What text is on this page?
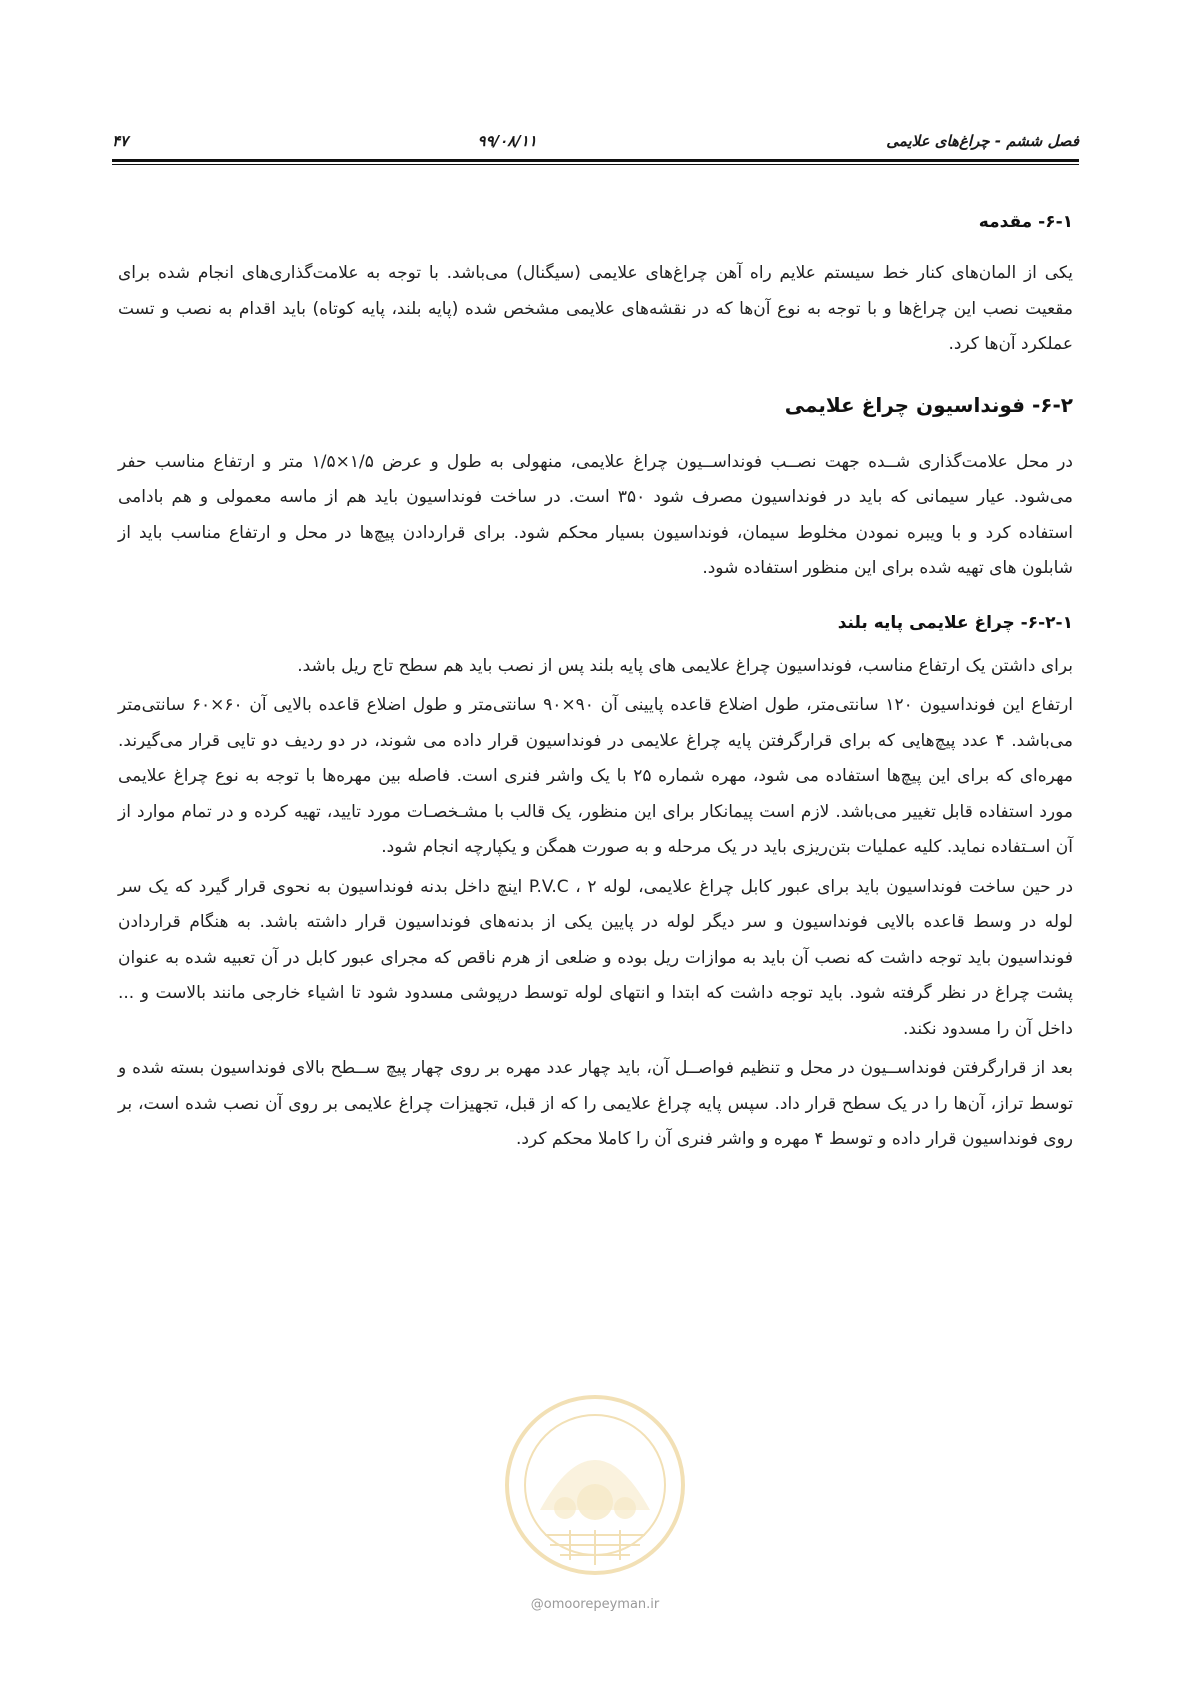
فصل ششم - چراغ‌های علایمی
۹۹/۰۸/۱۱
۴۷
۶-۱- مقدمه

یکی از المان‌های کنار خط سیستم علایم راه آهن چراغ‌های علایمی (سیگنال) می‌باشد. با توجه به علامت‌گذاری‌های انجام شده برای مقعیت نصب این چراغ‌ها و با توجه به نوع آن‌ها که در نقشه‌های علایمی مشخص شده (پایه بلند، پایه کوتاه) باید اقدام به نصب و تست عملکرد آن‌ها کرد.

۶-۲- فونداسیون چراغ علایمی

در محل علامت‌گذاری شــده جهت نصــب فونداســیون چراغ علایمی، منهولی به طول و عرض ۱/۵×۱/۵ متر و ارتفاع مناسب حفر می‌شود. عیار سیمانی که باید در فونداسیون مصرف شود ۳۵۰ است. در ساخت فونداسیون باید هم از ماسه معمولی و هم بادامی استفاده کرد و با ویبره نمودن مخلوط سیمان، فونداسیون بسیار محکم شود. برای قراردادن پیچ‌ها در محل و ارتفاع مناسب باید از شابلون های تهیه شده برای این منظور استفاده شود.

۶-۲-۱- چراغ علایمی پایه بلند

برای داشتن یک ارتفاع مناسب، فونداسیون چراغ علایمی های پایه بلند پس از نصب باید هم سطح تاج ریل باشد.

ارتفاع این فونداسیون ۱۲۰ سانتی‌متر، طول اضلاع قاعده پایینی آن ۹۰×۹۰ سانتی‌متر و طول اضلاع قاعده بالایی آن ۶۰×۶۰ سانتی‌متر می‌باشد. ۴ عدد پیچ‌هایی که برای قرارگرفتن پایه چراغ علایمی در فونداسیون قرار داده می شوند، در دو ردیف دو تایی قرار می‌گیرند. مهره‌ای که برای این پیچ‌ها استفاده می شود، مهره شماره ۲۵ با یک واشر فنری است. فاصله بین مهره‌ها با توجه به نوع چراغ علایمی مورد استفاده قابل تغییر می‌باشد. لازم است پیمانکار برای این منظور، یک قالب با مشـخصـات مورد تایید، تهیه کرده و در تمام موارد از آن اسـتفاده نماید. کلیه عملیات بتن‌ریزی باید در یک مرحله و به صورت همگن و یکپارچه انجام شود.

در حین ساخت فونداسیون باید برای عبور کابل چراغ علایمی، لوله P.V.C ، ۲ اینچ داخل بدنه فونداسیون به نحوی قرار گیرد که یک سر لوله در وسط قاعده بالایی فونداسیون و سر دیگر لوله در پایین یکی از بدنه‌های فونداسیون قرار داشته باشد. به هنگام قراردادن فونداسیون باید توجه داشت که نصب آن باید به موازات ریل بوده و ضلعی از هرم ناقص که مجرای عبور کابل در آن تعبیه شده به عنوان پشت چراغ در نظر گرفته شود. باید توجه داشت که ابتدا و انتهای لوله توسط درپوشی مسدود شود تا اشیاء خارجی مانند بالاست و ... داخل آن را مسدود نکند.

بعد از قرارگرفتن فونداســیون در محل و تنظیم فواصــل آن، باید چهار عدد مهره بر روی چهار پیچ ســطح بالای فونداسیون بسته شده و توسط تراز، آن‌ها را در یک سطح قرار داد. سپس پایه چراغ علایمی را که از قبل، تجهیزات چراغ علایمی بر روی آن نصب شده است، بر روی فونداسیون قرار داده و توسط ۴ مهره و واشر فنری آن را کاملا محکم کرد.

@omoorepeyman.ir
